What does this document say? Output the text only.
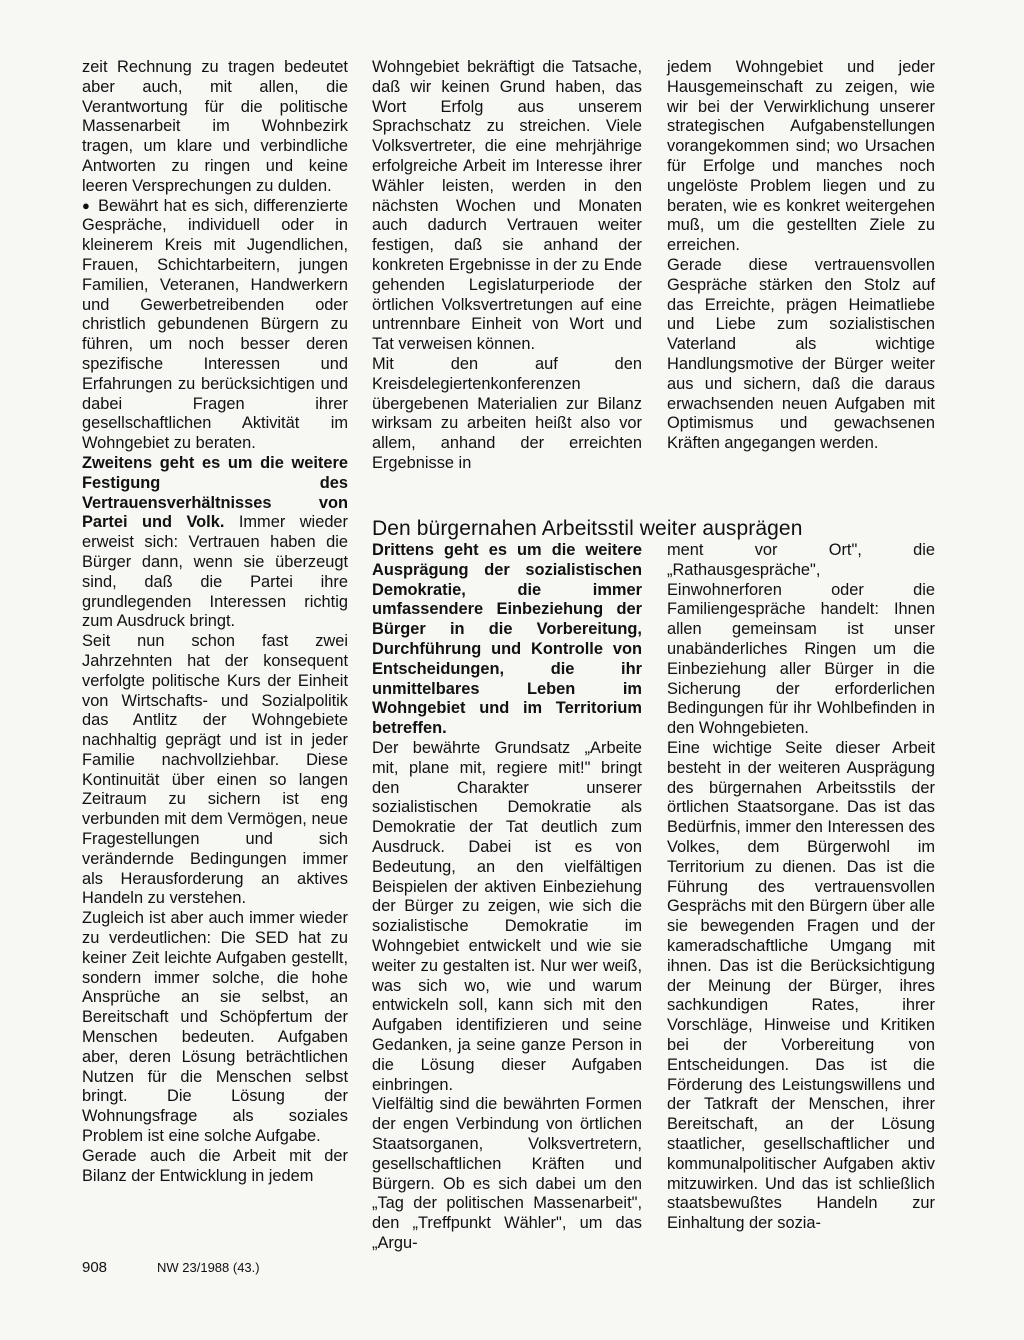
zeit Rechnung zu tragen bedeutet aber auch, mit allen, die Verantwortung für die politische Massenarbeit im Wohnbezirk tragen, um klare und verbindliche Antworten zu ringen und keine leeren Versprechungen zu dulden.

● Bewährt hat es sich, differenzierte Gespräche, individuell oder in kleinerem Kreis mit Jugendlichen, Frauen, Schichtarbeitern, jungen Familien, Veteranen, Handwerkern und Gewerbetreibenden oder christlich gebundenen Bürgern zu führen, um noch besser deren spezifische Interessen und Erfahrungen zu berücksichtigen und dabei Fragen ihrer gesellschaftlichen Aktivität im Wohngebiet zu beraten.

Zweitens geht es um die weitere Festigung des Vertrauensverhältnisses von Partei und Volk. Immer wieder erweist sich: Vertrauen haben die Bürger dann, wenn sie überzeugt sind, daß die Partei ihre grundlegenden Interessen richtig zum Ausdruck bringt.

Seit nun schon fast zwei Jahrzehnten hat der konsequent verfolgte politische Kurs der Einheit von Wirtschafts- und Sozialpolitik das Antlitz der Wohngebiete nachhaltig geprägt und ist in jeder Familie nachvollziehbar. Diese Kontinuität über einen so langen Zeitraum zu sichern ist eng verbunden mit dem Vermögen, neue Fragestellungen und sich verändernde Bedingungen immer als Herausforderung an aktives Handeln zu verstehen.

Zugleich ist aber auch immer wieder zu verdeutlichen: Die SED hat zu keiner Zeit leichte Aufgaben gestellt, sondern immer solche, die hohe Ansprüche an sie selbst, an Bereitschaft und Schöpfertum der Menschen bedeuten. Aufgaben aber, deren Lösung beträchtlichen Nutzen für die Menschen selbst bringt. Die Lösung der Wohnungsfrage als soziales Problem ist eine solche Aufgabe.

Gerade auch die Arbeit mit der Bilanz der Entwicklung in jedem

Wohngebiet bekräftigt die Tatsache, daß wir keinen Grund haben, das Wort Erfolg aus unserem Sprachschatz zu streichen. Viele Volksvertreter, die eine mehrjährige erfolgreiche Arbeit im Interesse ihrer Wähler leisten, werden in den nächsten Wochen und Monaten auch dadurch Vertrauen weiter festigen, daß sie anhand der konkreten Ergebnisse in der zu Ende gehenden Legislaturperiode der örtlichen Volksvertretungen auf eine untrennbare Einheit von Wort und Tat verweisen können.

Mit den auf den Kreisdelegiertenkonferenzen übergebenen Materialien zur Bilanz wirksam zu arbeiten heißt also vor allem, anhand der erreichten Ergebnisse in

jedem Wohngebiet und jeder Hausgemeinschaft zu zeigen, wie wir bei der Verwirklichung unserer strategischen Aufgabenstellungen vorangekommen sind; wo Ursachen für Erfolge und manches noch ungelöste Problem liegen und zu beraten, wie es konkret weitergehen muß, um die gestellten Ziele zu erreichen.

Gerade diese vertrauensvollen Gespräche stärken den Stolz auf das Erreichte, prägen Heimatliebe und Liebe zum sozialistischen Vaterland als wichtige Handlungsmotive der Bürger weiter aus und sichern, daß die daraus erwachsenden neuen Aufgaben mit Optimismus und gewachsenen Kräften angegangen werden.

Den bürgernahen Arbeitsstil weiter ausprägen

Drittens geht es um die weitere Ausprägung der sozialistischen Demokratie, die immer umfassendere Einbeziehung der Bürger in die Vorbereitung, Durchführung und Kontrolle von Entscheidungen, die ihr unmittelbares Leben im Wohngebiet und im Territorium betreffen.

Der bewährte Grundsatz „Arbeite mit, plane mit, regiere mit!" bringt den Charakter unserer sozialistischen Demokratie als Demokratie der Tat deutlich zum Ausdruck. Dabei ist es von Bedeutung, an den vielfältigen Beispielen der aktiven Einbeziehung der Bürger zu zeigen, wie sich die sozialistische Demokratie im Wohngebiet entwickelt und wie sie weiter zu gestalten ist. Nur wer weiß, was sich wo, wie und warum entwickeln soll, kann sich mit den Aufgaben identifizieren und seine Gedanken, ja seine ganze Person in die Lösung dieser Aufgaben einbringen.

Vielfältig sind die bewährten Formen der engen Verbindung von örtlichen Staatsorganen, Volksvertretern, gesellschaftlichen Kräften und Bürgern. Ob es sich dabei um den „Tag der politischen Massenarbeit", den „Treffpunkt Wähler", um das „Argu-

ment vor Ort", die „Rathausgespräche", Einwohnerforen oder die Familiengespräche handelt: Ihnen allen gemeinsam ist unser unabänderliches Ringen um die Einbeziehung aller Bürger in die Sicherung der erforderlichen Bedingungen für ihr Wohlbefinden in den Wohngebieten.

Eine wichtige Seite dieser Arbeit besteht in der weiteren Ausprägung des bürgernahen Arbeitsstils der örtlichen Staatsorgane. Das ist das Bedürfnis, immer den Interessen des Volkes, dem Bürgerwohl im Territorium zu dienen. Das ist die Führung des vertrauensvollen Gesprächs mit den Bürgern über alle sie bewegenden Fragen und der kameradschaftliche Umgang mit ihnen. Das ist die Berücksichtigung der Meinung der Bürger, ihres sachkundigen Rates, ihrer Vorschläge, Hinweise und Kritiken bei der Vorbereitung von Entscheidungen. Das ist die Förderung des Leistungswillens und der Tatkraft der Menschen, ihrer Bereitschaft, an der Lösung staatlicher, gesellschaftlicher und kommunalpolitischer Aufgaben aktiv mitzuwirken. Und das ist schließlich staatsbewußtes Handeln zur Einhaltung der sozia-

908	NW 23/1988 (43.)
